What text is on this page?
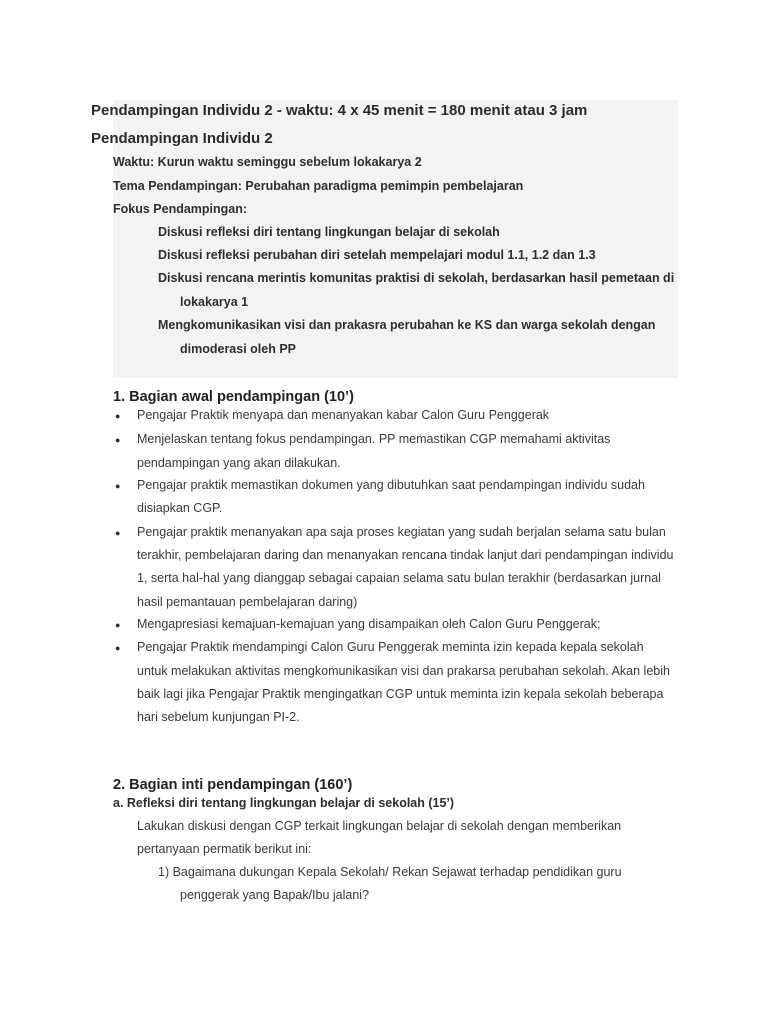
Pendampingan Individu 2 - waktu: 4 x 45 menit = 180 menit atau 3 jam
Pendampingan Individu 2
Waktu: Kurun waktu seminggu sebelum lokakarya 2
Tema Pendampingan: Perubahan paradigma pemimpin pembelajaran
Fokus Pendampingan:
Diskusi refleksi diri tentang lingkungan belajar di sekolah
Diskusi refleksi perubahan diri setelah mempelajari modul 1.1, 1.2 dan 1.3
Diskusi rencana merintis komunitas praktisi di sekolah, berdasarkan hasil pemetaan di
lokakarya 1
Mengkomunikasikan visi dan prakasra perubahan ke KS dan warga sekolah dengan
dimoderasi oleh PP
1. Bagian awal pendampingan (10’)
● Pengajar Praktik menyapa dan menanyakan kabar Calon Guru Penggerak
● Menjelaskan tentang fokus pendampingan. PP memastikan CGP memahami aktivitas
pendampingan yang akan dilakukan.
● Pengajar praktik memastikan dokumen yang dibutuhkan saat pendampingan individu sudah
disiapkan CGP.
● Pengajar praktik menanyakan apa saja proses kegiatan yang sudah berjalan selama satu bulan
terakhir, pembelajaran daring dan menanyakan rencana tindak lanjut dari pendampingan individu
1, serta hal-hal yang dianggap sebagai capaian selama satu bulan terakhir (berdasarkan jurnal
hasil pemantauan pembelajaran daring)
● Mengapresiasi kemajuan-kemajuan yang disampaikan oleh Calon Guru Penggerak;
● Pengajar Praktik mendampingi Calon Guru Penggerak meminta izin kepada kepala sekolah
untuk melakukan aktivitas mengkomunikasikan visi dan prakarsa perubahan sekolah. Akan lebih
baik lagi jika Pengajar Praktik mengingatkan CGP untuk meminta izin kepala sekolah beberapa
hari sebelum kunjungan PI-2.
2. Bagian inti pendampingan (160’)
a. Refleksi diri tentang lingkungan belajar di sekolah (15’)
Lakukan diskusi dengan CGP terkait lingkungan belajar di sekolah dengan memberikan
pertanyaan permatik berikut ini:
1) Bagaimana dukungan Kepala Sekolah/ Rekan Sejawat terhadap pendidikan guru
penggerak yang Bapak/Ibu jalani?
